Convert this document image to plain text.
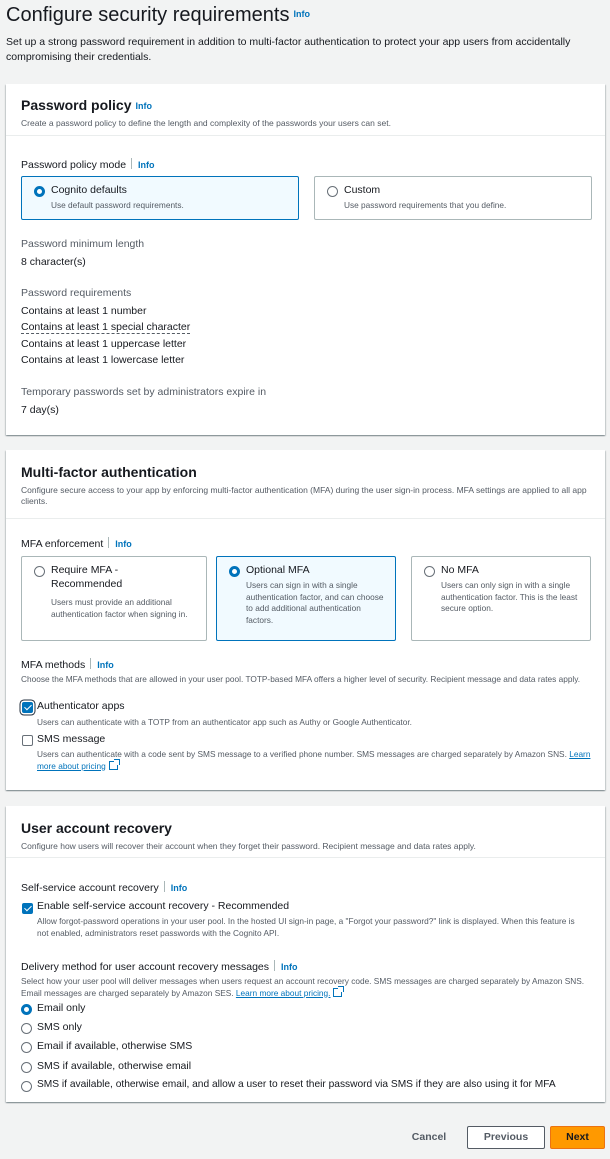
Configure security requirements $^{Info}$
Set up a strong password requirement in addition to multi-factor authentication to protect your app users from accidentally compromising their credentials.
Password policy Info
Create a password policy to define the length and complexity of the passwords your users can set.
Password policy mode Info
Cognito defaults
Use default password requirements.
Custom
Use password requirements that you define.
Password minimum length
8 character(s)
Password requirements
Contains at least 1 number
Contains at least 1 special character
Contains at least 1 uppercase letter
Contains at least 1 lowercase letter
Temporary passwords set by administrators expire in
7 day(s)
Multi-factor authentication
Configure secure access to your app by enforcing multi-factor authentication (MFA) during the user sign-in process. MFA settings are applied to all app clients.
MFA enforcement Info
Require MFA - Recommended
Users must provide an additional authentication factor when signing in.
Optional MFA
Users can sign in with a single authentication factor, and can choose to add additional authentication factors.
No MFA
Users can only sign in with a single authentication factor. This is the least secure option.
MFA methods Info
Choose the MFA methods that are allowed in your user pool. TOTP-based MFA offers a higher level of security. Recipient message and data rates apply.
Authenticator apps
Users can authenticate with a TOTP from an authenticator app such as Authy or Google Authenticator.
SMS message
Users can authenticate with a code sent by SMS message to a verified phone number. SMS messages are charged separately by Amazon SNS. Learn more about pricing
User account recovery
Configure how users will recover their account when they forget their password. Recipient message and data rates apply.
Self-service account recovery Info
Enable self-service account recovery - Recommended
Allow forgot-password operations in your user pool. In the hosted UI sign-in page, a "Forgot your password?" link is displayed. When this feature is not enabled, administrators reset passwords with the Cognito API.
Delivery method for user account recovery messages Info
Select how your user pool will deliver messages when users request an account recovery code. SMS messages are charged separately by Amazon SNS. Email messages are charged separately by Amazon SES. Learn more about pricing.
Email only
SMS only
Email if available, otherwise SMS
SMS if available, otherwise email
SMS if available, otherwise email, and allow a user to reset their password via SMS if they are also using it for MFA
Cancel	Previous	Next
